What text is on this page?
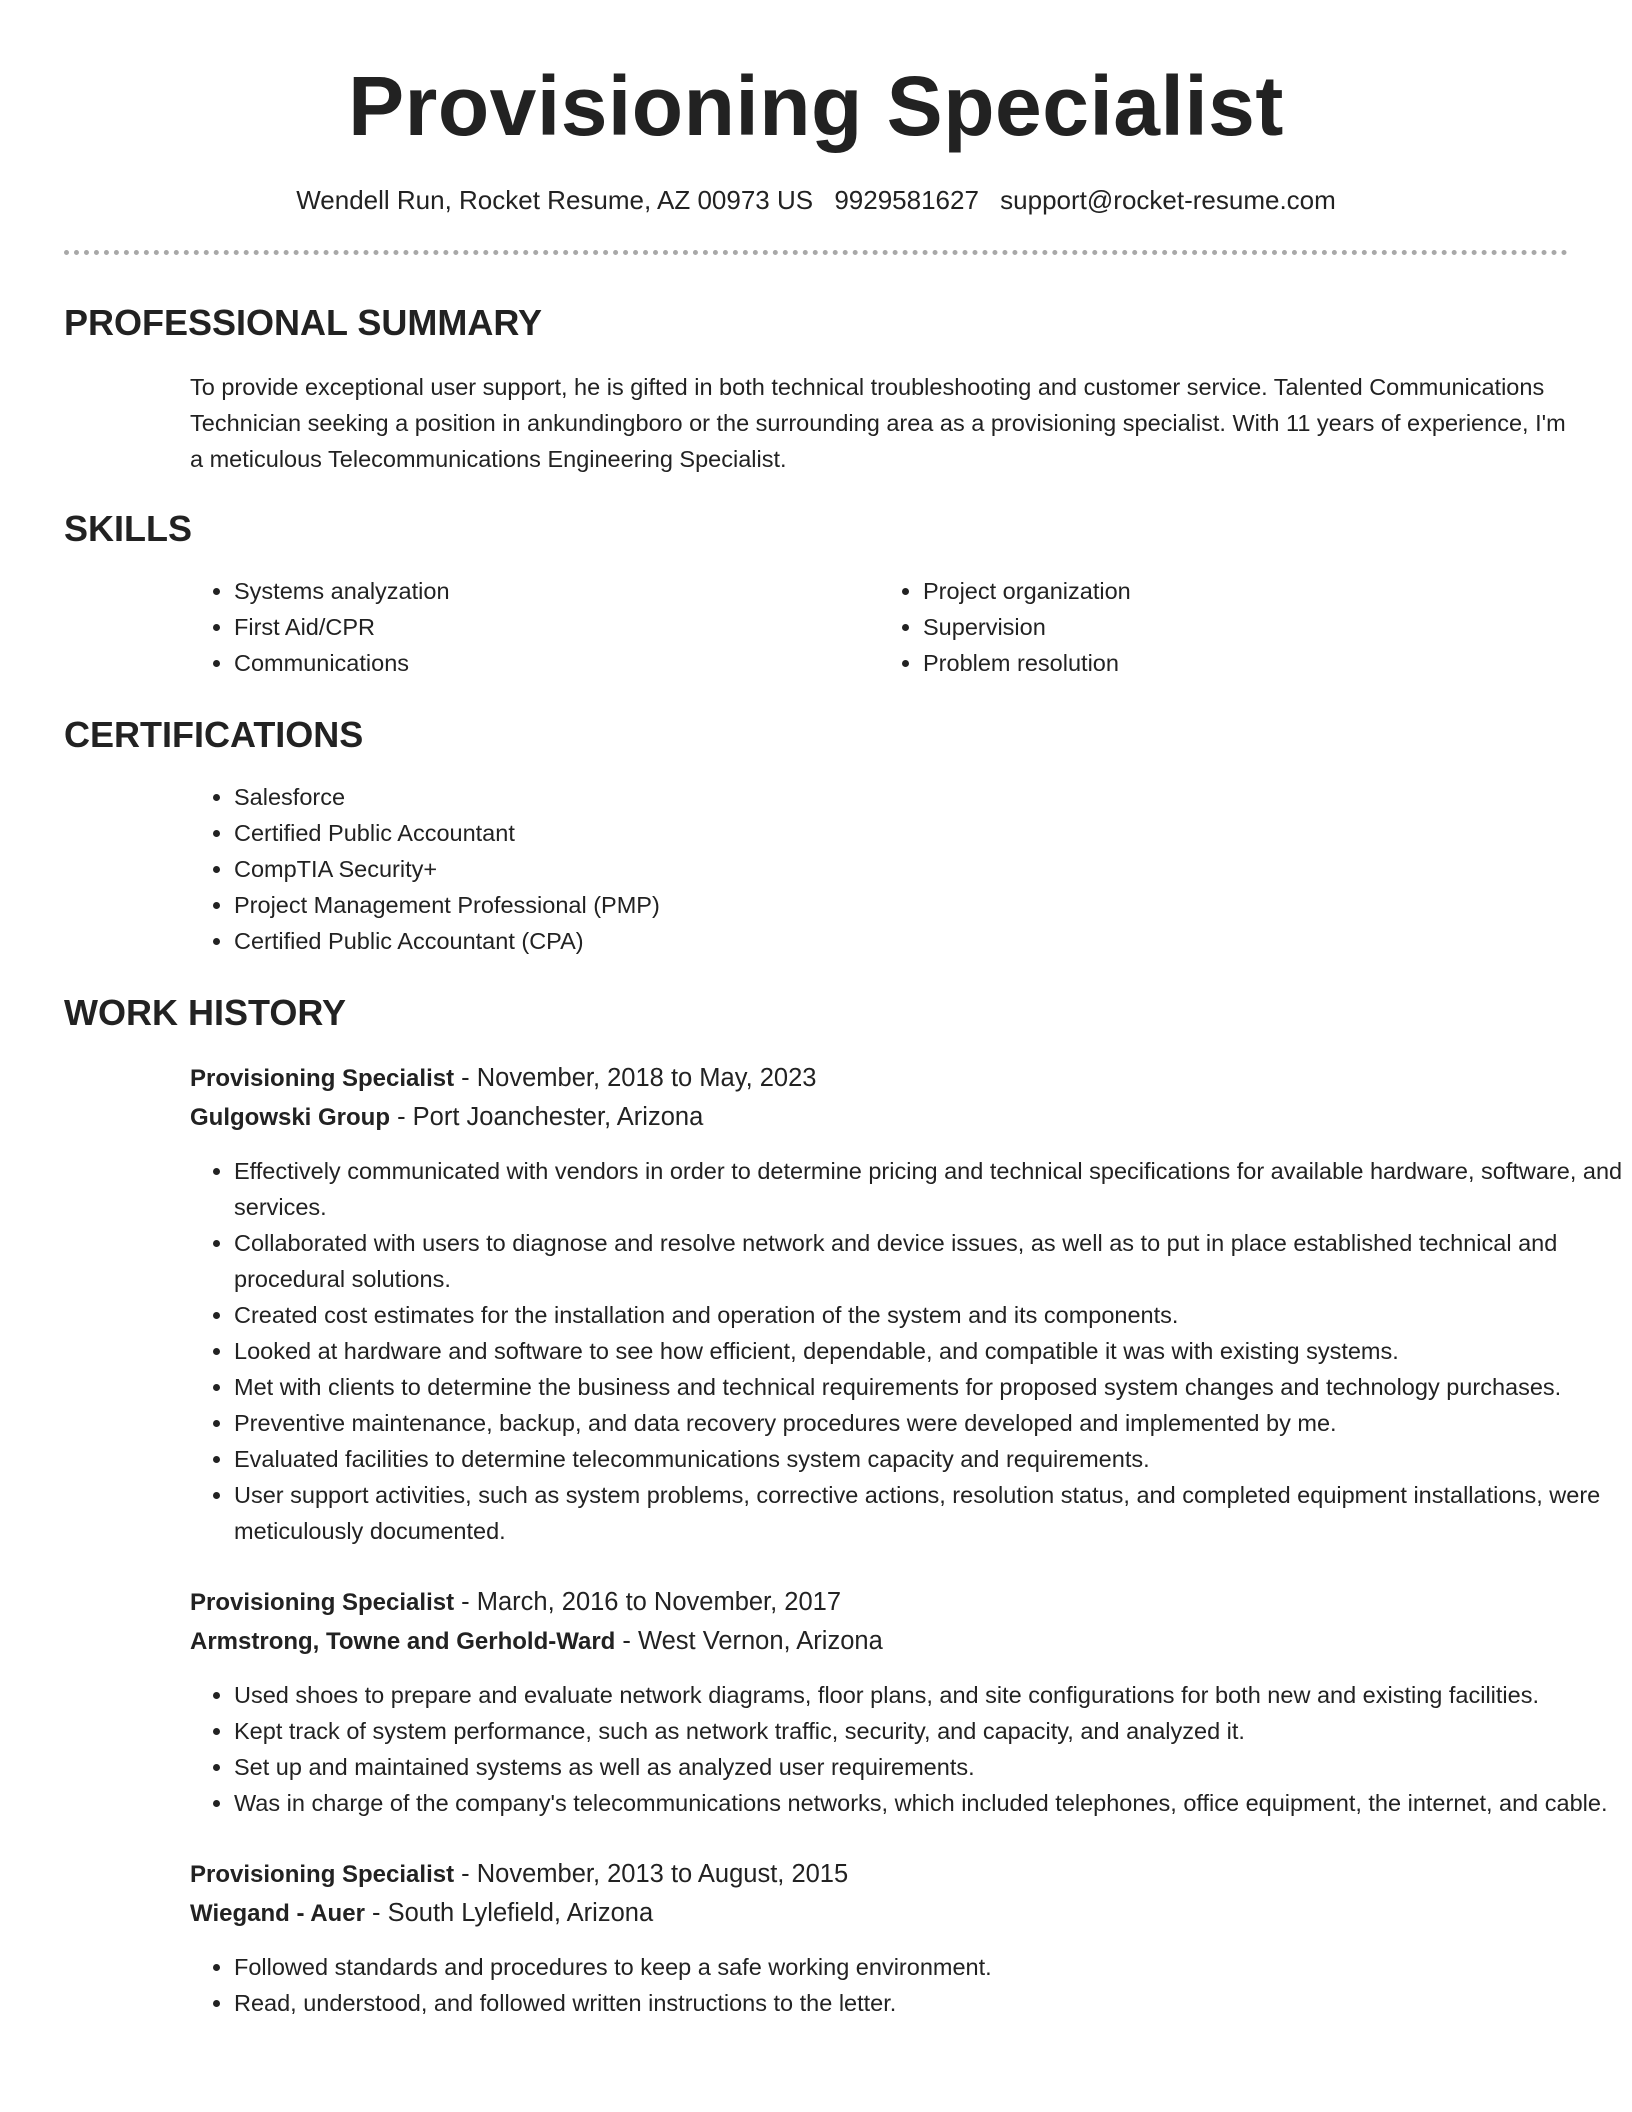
Provisioning Specialist
Wendell Run, Rocket Resume, AZ 00973 US 9929581627 support@rocket-resume.com
PROFESSIONAL SUMMARY

To provide exceptional user support, he is gifted in both technical troubleshooting and customer service. Talented Communications Technician seeking a position in ankundingboro or the surrounding area as a provisioning specialist. With 11 years of experience, I'm a meticulous Telecommunications Engineering Specialist.

SKILLS
• Systems analyzation
• First Aid/CPR
• Communications
• Project organization
• Supervision
• Problem resolution
CERTIFICATIONS
• Salesforce
• Certified Public Accountant
• CompTIA Security+
• Project Management Professional (PMP)
• Certified Public Accountant (CPA)
WORK HISTORY
Provisioning Specialist - November, 2018 to May, 2023
Gulgowski Group - Port Joanchester, Arizona
• Effectively communicated with vendors in order to determine pricing and technical specifications for available hardware, software, and services.
• Collaborated with users to diagnose and resolve network and device issues, as well as to put in place established technical and procedural solutions.
• Created cost estimates for the installation and operation of the system and its components.
• Looked at hardware and software to see how efficient, dependable, and compatible it was with existing systems.
• Met with clients to determine the business and technical requirements for proposed system changes and technology purchases.
• Preventive maintenance, backup, and data recovery procedures were developed and implemented by me.
• Evaluated facilities to determine telecommunications system capacity and requirements.
• User support activities, such as system problems, corrective actions, resolution status, and completed equipment installations, were meticulously documented.
Provisioning Specialist - March, 2016 to November, 2017
Armstrong, Towne and Gerhold-Ward - West Vernon, Arizona
• Used shoes to prepare and evaluate network diagrams, floor plans, and site configurations for both new and existing facilities.
• Kept track of system performance, such as network traffic, security, and capacity, and analyzed it.
• Set up and maintained systems as well as analyzed user requirements.
• Was in charge of the company's telecommunications networks, which included telephones, office equipment, the internet, and cable.
Provisioning Specialist - November, 2013 to August, 2015
Wiegand - Auer - South Lylefield, Arizona
• Followed standards and procedures to keep a safe working environment.
• Read, understood, and followed written instructions to the letter.
